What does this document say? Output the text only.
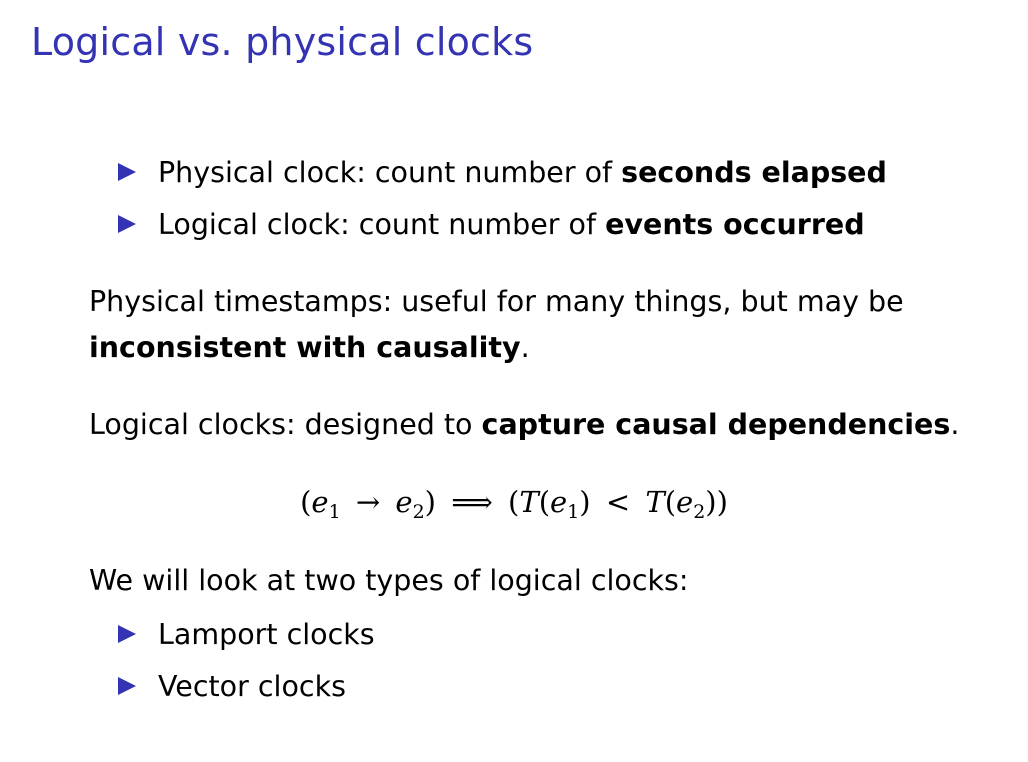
Logical vs. physical clocks
Physical clock: count number of seconds elapsed
Logical clock: count number of events occurred
Physical timestamps: useful for many things, but may be
inconsistent with causality.
Logical clocks: designed to capture causal dependencies.
$(e_1 \to e_2)$ ⟹ $(T(e_1) < T(e_2))$
We will look at two types of logical clocks:
Lamport clocks
Vector clocks
